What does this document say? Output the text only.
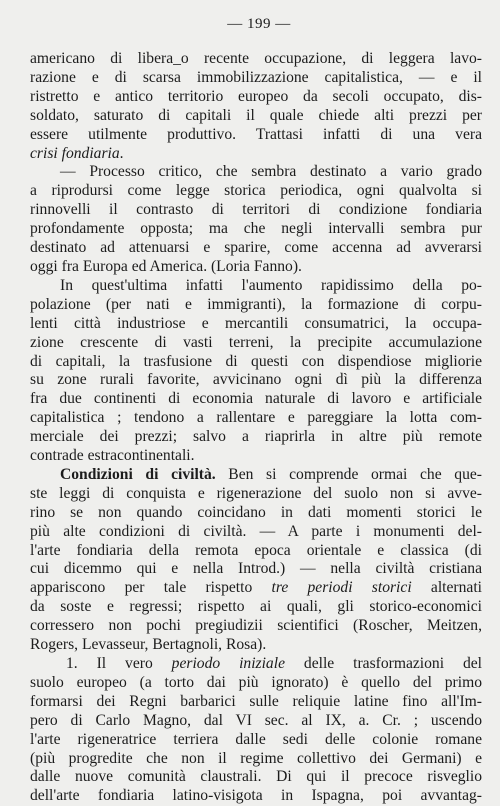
— 199 —
americano di libera_o recente occupazione, di leggera lavo-
razione e di scarsa immobilizzazione capitalistica, — e il
ristretto e antico territorio europeo da secoli occupato, dis-
soldato, saturato di capitali il quale chiede alti prezzi per
essere utilmente produttivo. Trattasi infatti di una vera
crisi fondiaria.
— Processo critico, che sembra destinato a vario grado
a riprodursi come legge storica periodica, ogni qualvolta si
rinnovelli il contrasto di territori di condizione fondiaria
profondamente opposta; ma che negli intervalli sembra pur
destinato ad attenuarsi e sparire, come accenna ad avverarsi
oggi fra Europa ed America. (Loria Fanno).
In quest'ultima infatti l'aumento rapidissimo della po-
polazione (per nati e immigranti), la formazione di corpu-
lenti città industriose e mercantili consumatrici, la occupa-
zione crescente di vasti terreni, la precipite accumulazione
di capitali, la trasfusione di questi con dispendiose migliorie
su zone rurali favorite, avvicinano ogni dì più la differenza
fra due continenti di economia naturale di lavoro e artificiale
capitalistica ; tendono a rallentare e pareggiare la lotta com-
merciale dei prezzi; salvo a riaprirla in altre più remote
contrade estracontinentali.
Condizioni di civiltà. Ben si comprende ormai che que-
ste leggi di conquista e rigenerazione del suolo non si avve-
rino se non quando coincidano in dati momenti storici le
più alte condizioni di civiltà. — A parte i monumenti del-
l'arte fondiaria della remota epoca orientale e classica (di
cui dicemmo qui e nella Introd.) — nella civiltà cristiana
appariscono per tale rispetto tre periodi storici alternati
da soste e regressi; rispetto ai quali, gli storico-economici
corressero non pochi pregiudizii scientifici (Roscher, Meitzen,
Rogers, Levasseur, Bertagnoli, Rosa).
1. Il vero periodo iniziale delle trasformazioni del
suolo europeo (a torto dai più ignorato) è quello del primo
formarsi dei Regni barbarici sulle reliquie latine fino all'Im-
pero di Carlo Magno, dal VI sec. al IX, a. Cr. ; uscendo
l'arte rigeneratrice terriera dalle sedi delle colonie romane
(più progredite che non il regime collettivo dei Germani) e
dalle nuove comunità claustrali. Di qui il precoce risveglio
dell'arte fondiaria latino-visigota in Ispagna, poi avvantag-
